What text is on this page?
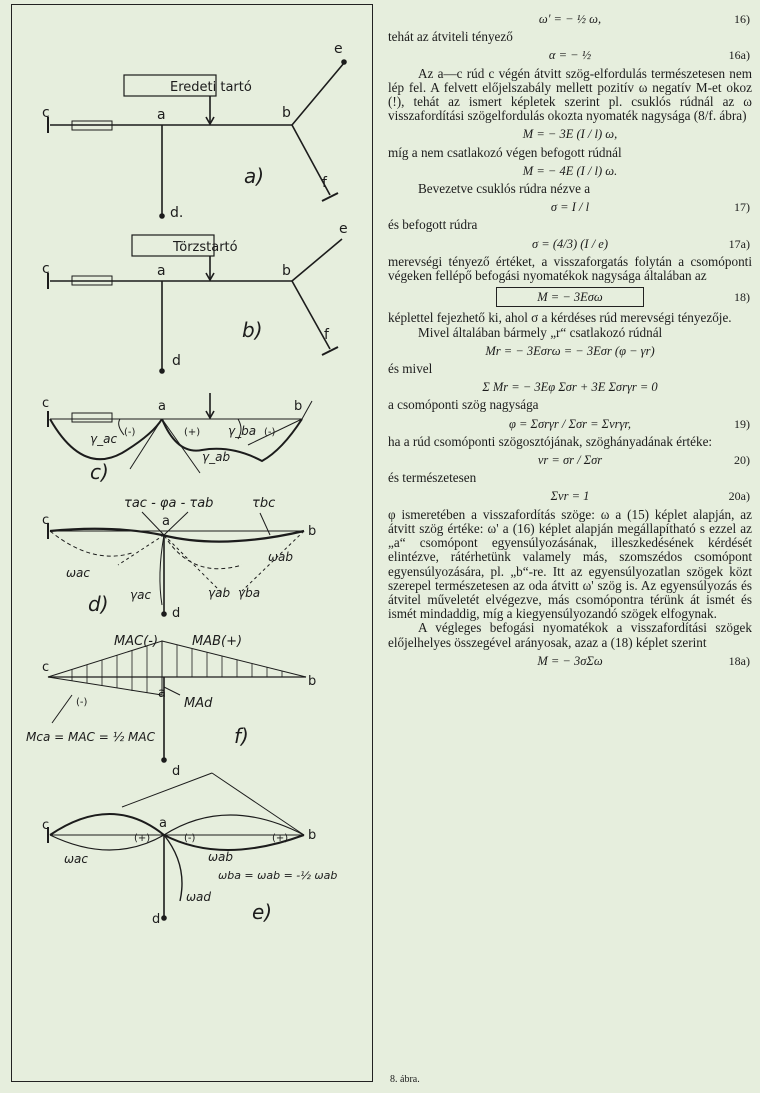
Eredeti tartó
c	a	b
d.
e
f
a)
Törzstartó
c	a	b
d
e
f
b)
c	a	b
(-)	(+)	(-)
γ_ac
γ_ab
γ_ba
c)
τac - φa - τab	τbc
c	a
b
d
ωac
ωab
γac	γab γba
d)
MAC(-)	MAB(+)
c
a
b
d
(-)	MAd
Mca = MAC = ½ MAC	f)
c	a
b
d
(+)	(-)	(+)
ωac	ωab
ωad
ωba = ωab = -½ ωab
e)
8. ábra.
ω' = − ½ ω,	16)

tehát az átviteli tényező

α = − ½	16a)

Az a—c rúd c végén átvitt szög-elfordulás természetesen nem lép fel. A felvett előjelszabály mellett pozitív ω negatív M-et okoz (!), tehát az ismert képletek szerint pl. csuklós rúdnál az ω visszafordítási szögelfordulás okozta nyomaték nagysága (8/f. ábra)

M = − 3E (I / l) ω,

míg a nem csatlakozó végen befogott rúdnál

M = − 4E (I / l) ω.

Bevezetve csuklós rúdra nézve a

σ = I / l	17)

és befogott rúdra

σ = (4/3) (I / e)	17a)

merevségi tényező értéket, a visszaforgatás folytán a csomóponti végeken fellépő befogási nyomatékok nagysága általában az

M = − 3Eσω	18)

képlettel fejezhető ki, ahol σ a kérdéses rúd merevségi tényezője.

Mivel általában bármely „r“ csatlakozó rúdnál

Mr = − 3Eσrω = − 3Eσr (φ − γr)

és mivel

Σ Mr = − 3Eφ Σσr + 3E Σσrγr = 0

a csomóponti szög nagysága

φ = Σσrγr / Σσr = Σνrγr,	19)

ha a rúd csomóponti szögosztójának, szöghányadának értéke:

νr = σr / Σσr	20)

és természetesen

Σνr = 1	20a)

φ ismeretében a visszafordítás szöge: ω a (15) képlet alapján, az átvitt szög értéke: ω' a (16) képlet alapján megállapítható s ezzel az „a“ csomópont egyensúlyozásának, illeszkedésének kérdését elintézve, rátérhetünk valamely más, szomszédos csomópont egyensúlyozására, pl. „b“-re. Itt az egyensúlyozatlan szögek közt szerepel természetesen az oda átvitt ω' szög is. Az egyensúlyozás és átvitel műveletét elvégezve, más csomópontra térünk át ismét és ismét mindaddig, míg a kiegyensúlyozandó szögek elfogynak.

A végleges befogási nyomatékok a visszafordítási szögek előjelhelyes összegével arányosak, azaz a (18) képlet szerint

M = − 3σΣω	18a)
